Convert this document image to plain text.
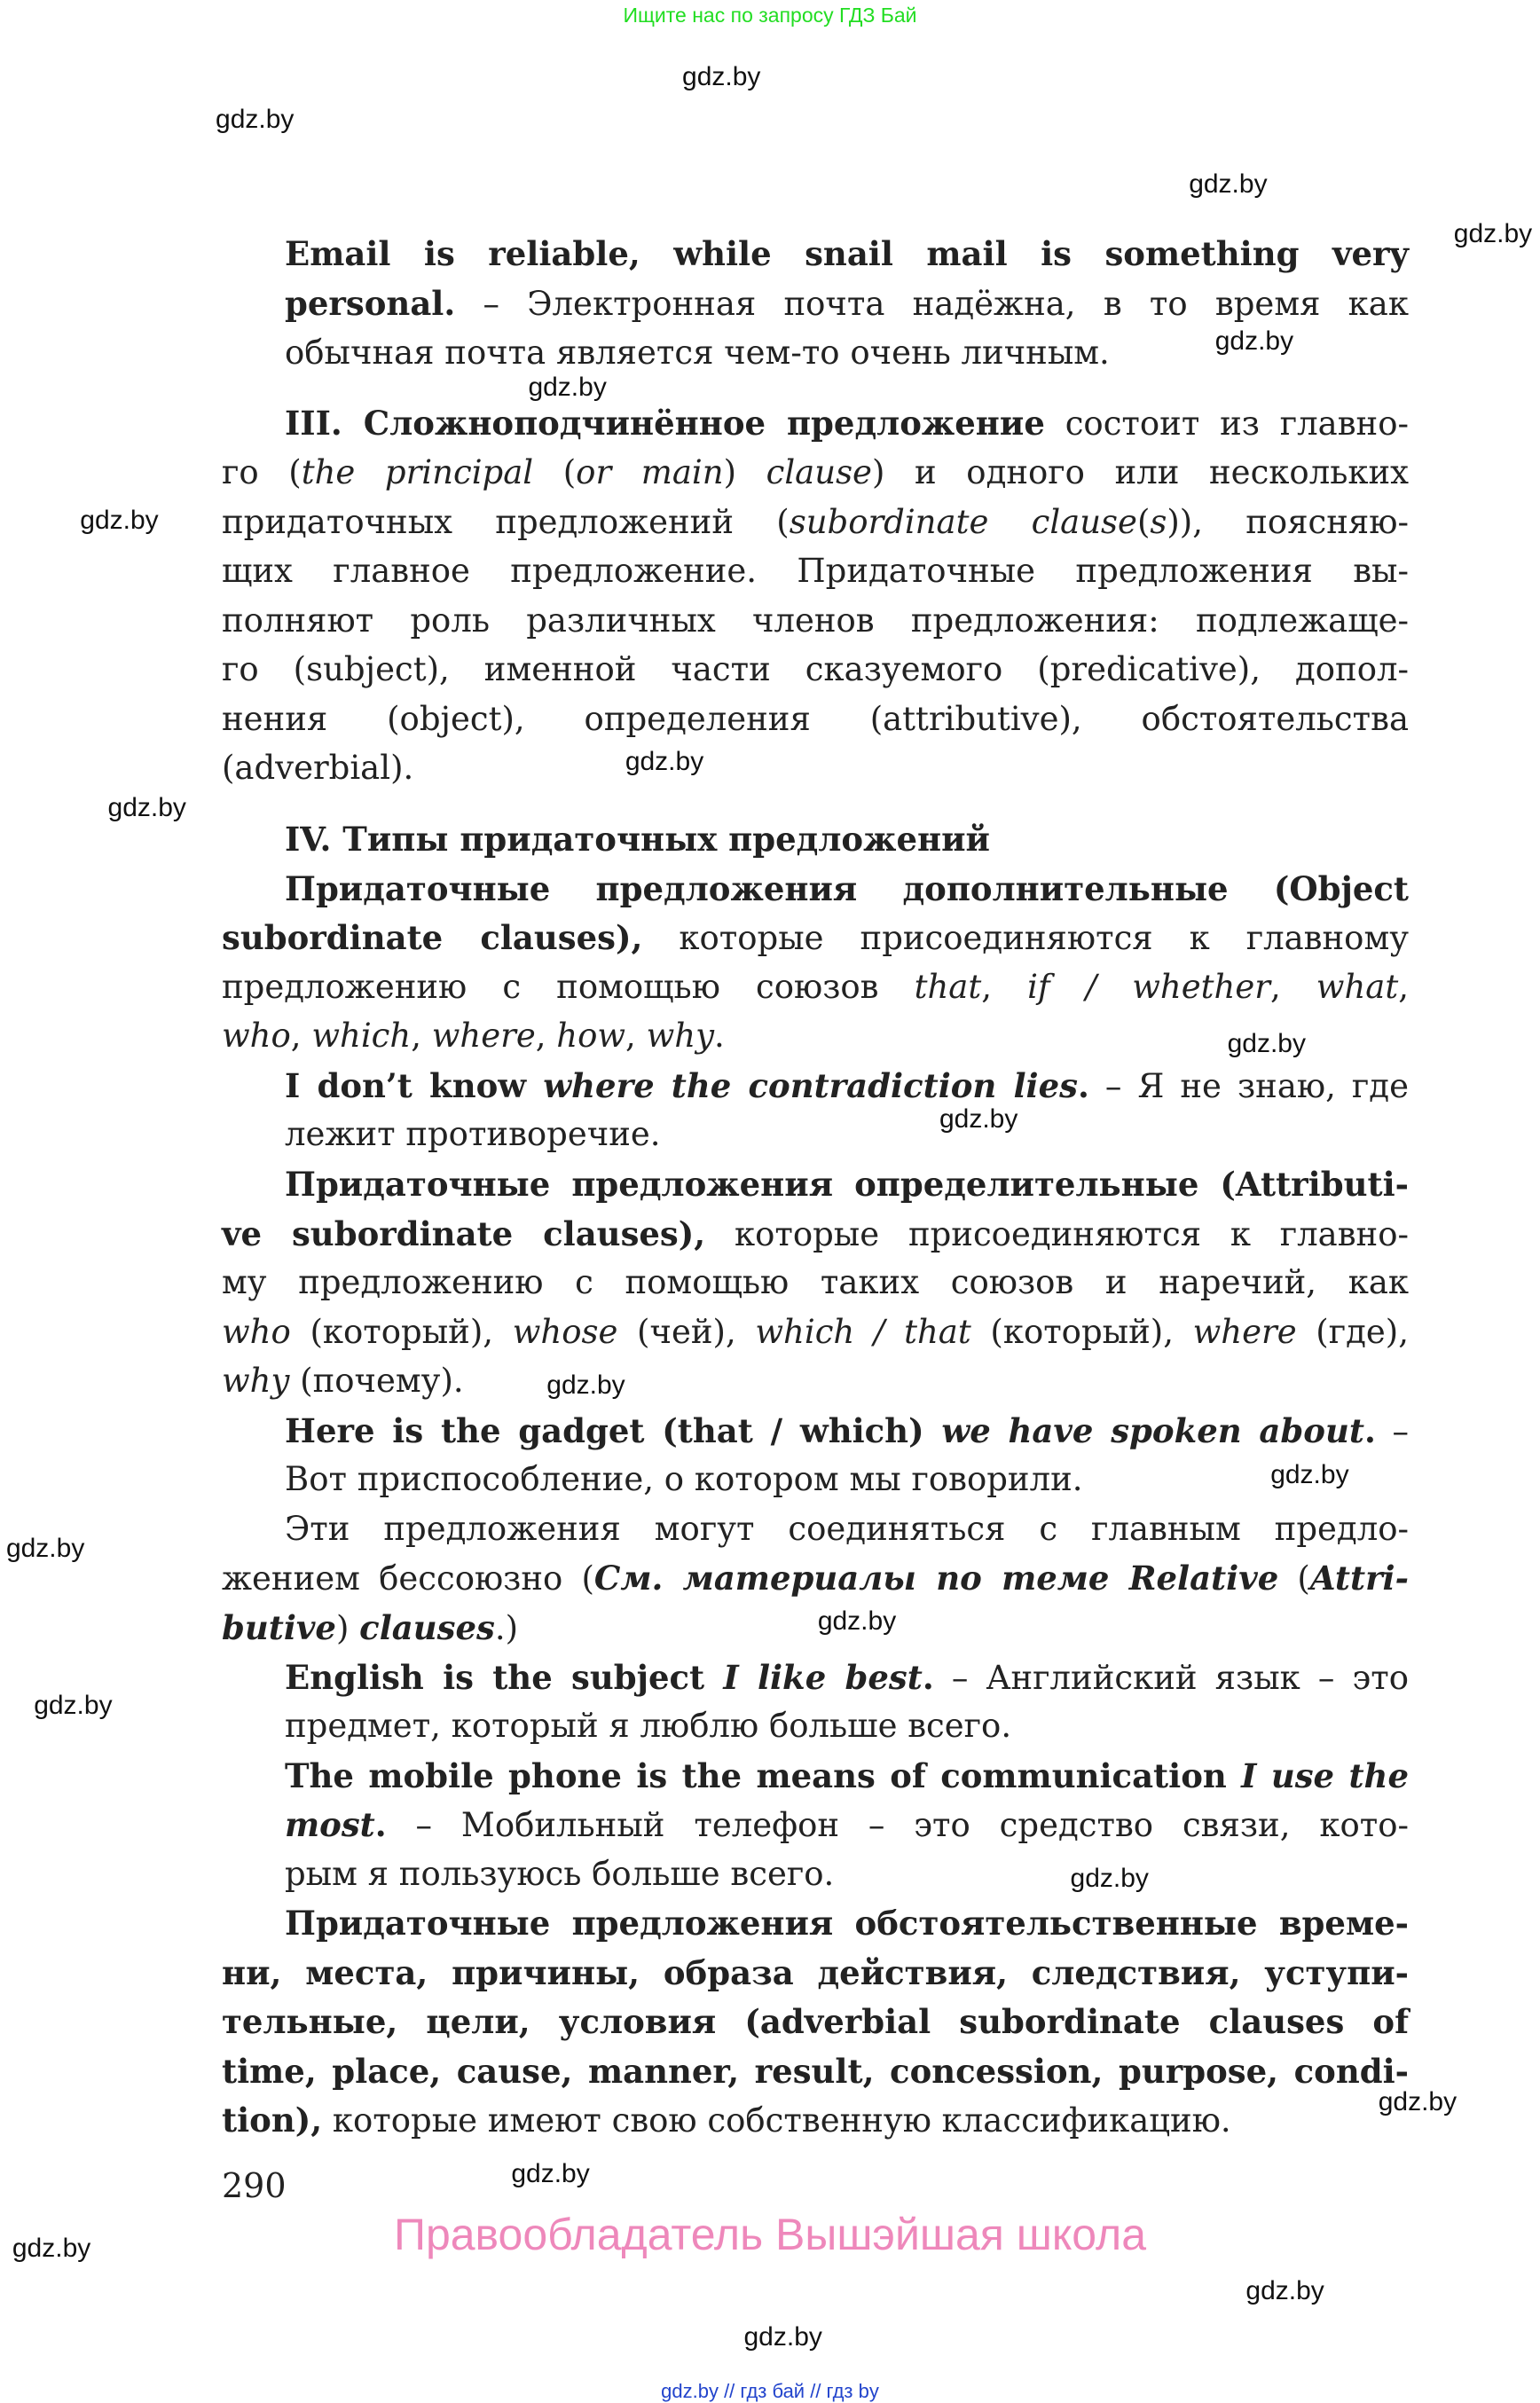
Ищите нас по запросу ГДЗ Бай
Email is reliable, while snail mail is something very
personal. – Электронная почта надёжна, в то время как
обычная почта является чем-то очень личным.
III. Сложноподчинённое предложение состоит из главно-
го (the principal (or main) clause) и одного или нескольких
придаточных предложений (subordinate clause(s)), поясняю-
щих главное предложение. Придаточные предложения вы-
полняют роль различных членов предложения: подлежаще-
го (subject), именной части сказуемого (predicative), допол-
нения (object), определения (attributive), обстоятельства
(adverbial).
IV. Типы придаточных предложений
Придаточные предложения дополнительные (Object
subordinate clauses), которые присоединяются к главному
предложению с помощью союзов that, if / whether, what,
who, which, where, how, why.
I don’t know where the contradiction lies. – Я не знаю, где
лежит противоречие.
Придаточные предложения определительные (Attributi-
ve subordinate clauses), которые присоединяются к главно-
му предложению с помощью таких союзов и наречий, как
who (который), whose (чей), which / that (который), where (где),
why (почему).
Here is the gadget (that / which) we have spoken about. –
Вот приспособление, о котором мы говорили.
Эти предложения могут соединяться с главным предло-
жением бессоюзно (См. материалы по теме Relative (Attri-
butive) clauses.)
English is the subject I like best. – Английский язык – это
предмет, который я люблю больше всего.
The mobile phone is the means of communication I use the
most. – Мобильный телефон – это средство связи, кото-
рым я пользуюсь больше всего.
Придаточные предложения обстоятельственные време-
ни, места, причины, образа действия, следствия, уступи-
тельные, цели, условия (adverbial subordinate clauses of
time, place, cause, manner, result, concession, purpose, condi-
tion), которые имеют свою собственную классификацию.
gdz.by
gdz.by
gdz.by
gdz.by
gdz.by
gdz.by
gdz.by
gdz.by
gdz.by
gdz.by
gdz.by
gdz.by
gdz.by
gdz.by
gdz.by
gdz.by
gdz.by
gdz.by
gdz.by
gdz.by
gdz.by
gdz.by
290
Правообладатель Вышэйшая школа
gdz.by // гдз бай // гдз by
